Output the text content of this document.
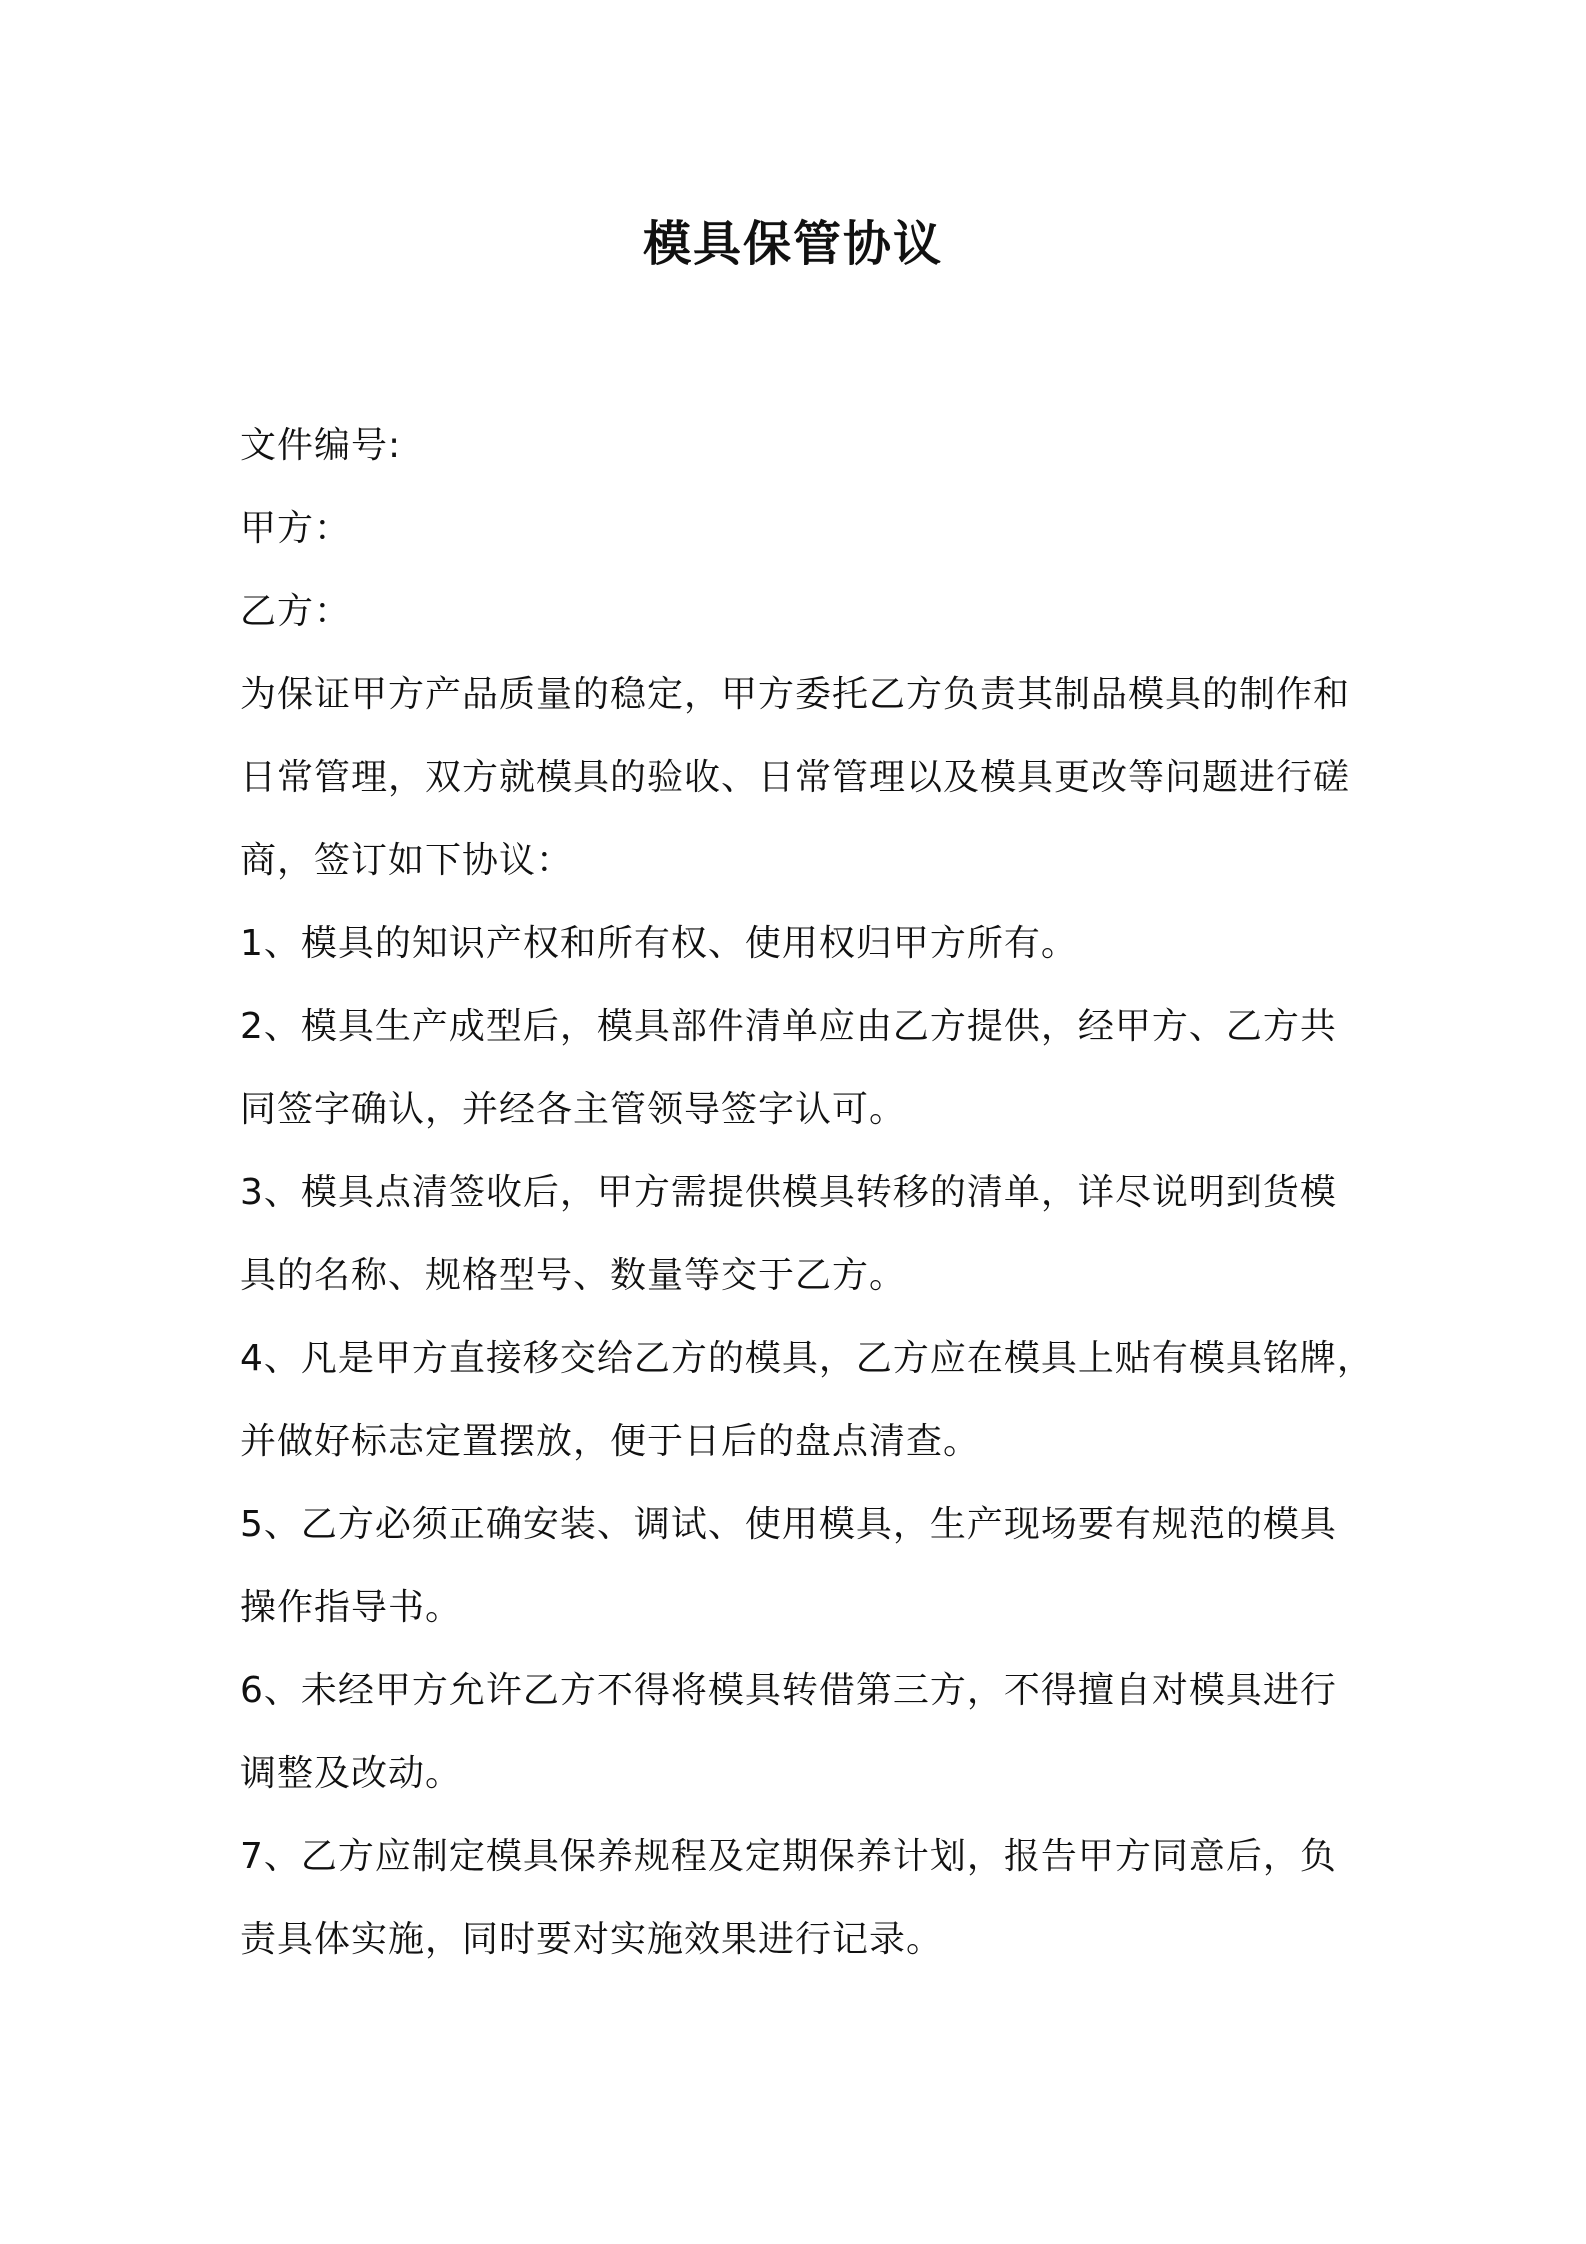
模具保管协议
文件编号:
甲方：
乙方：
为保证甲方产品质量的稳定，甲方委托乙方负责其制品模具的制作和
日常管理，双方就模具的验收、日常管理以及模具更改等问题进行磋
商，签订如下协议：
1、模具的知识产权和所有权、使用权归甲方所有。
2、模具生产成型后，模具部件清单应由乙方提供，经甲方、乙方共
同签字确认，并经各主管领导签字认可。
3、模具点清签收后，甲方需提供模具转移的清单，详尽说明到货模
具的名称、规格型号、数量等交于乙方。
4、凡是甲方直接移交给乙方的模具，乙方应在模具上贴有模具铭牌，
并做好标志定置摆放，便于日后的盘点清查。
5、乙方必须正确安装、调试、使用模具，生产现场要有规范的模具
操作指导书。
6、未经甲方允许乙方不得将模具转借第三方，不得擅自对模具进行
调整及改动。
7、乙方应制定模具保养规程及定期保养计划，报告甲方同意后，负
责具体实施，同时要对实施效果进行记录。
